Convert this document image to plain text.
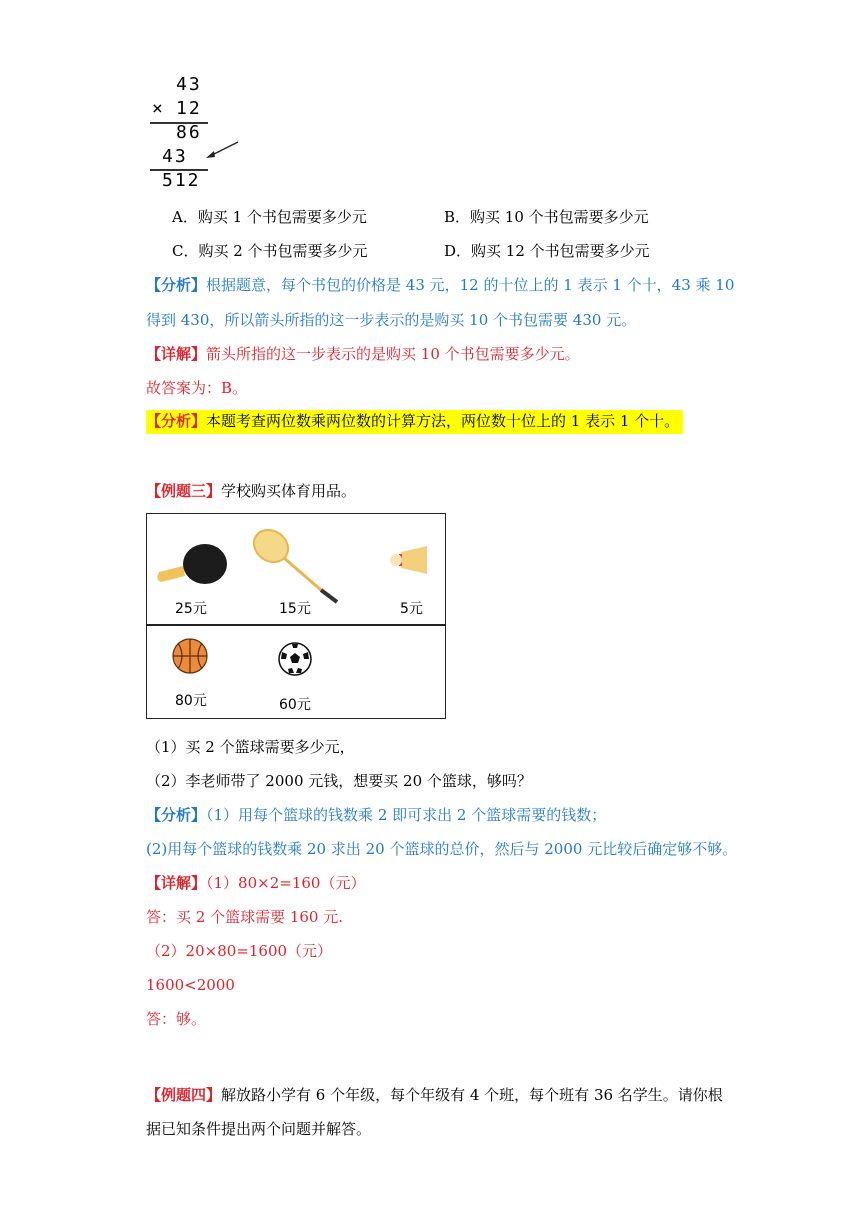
43
× 12
86
43
512
A．购买 1 个书包需要多少元	B．购买 10 个书包需要多少元
C．购买 2 个书包需要多少元	D．购买 12 个书包需要多少元
【分析】根据题意，每个书包的价格是 43 元，12 的十位上的 1 表示 1 个十，43 乘 10
得到 430，所以箭头所指的这一步表示的是购买 10 个书包需要 430 元。
【详解】箭头所指的这一步表示的是购买 10 个书包需要多少元。
故答案为：B。
【分析】本题考查两位数乘两位数的计算方法，两位数十位上的 1 表示 1 个十。
【例题三】学校购买体育用品。
25元	15元	5元
80元	60元
（1）买 2 个篮球需要多少元，
（2）李老师带了 2000 元钱，想要买 20 个篮球，够吗？
【分析】（1）用每个篮球的钱数乘 2 即可求出 2 个篮球需要的钱数；
(2)用每个篮球的钱数乘 20 求出 20 个篮球的总价，然后与 2000 元比较后确定够不够。
【详解】（1）80×2=160（元）
答：买 2 个篮球需要 160 元.
（2）20×80=1600（元）
1600<2000
答：够。
【例题四】解放路小学有 6 个年级，每个年级有 4 个班，每个班有 36 名学生。请你根
据已知条件提出两个问题并解答。
